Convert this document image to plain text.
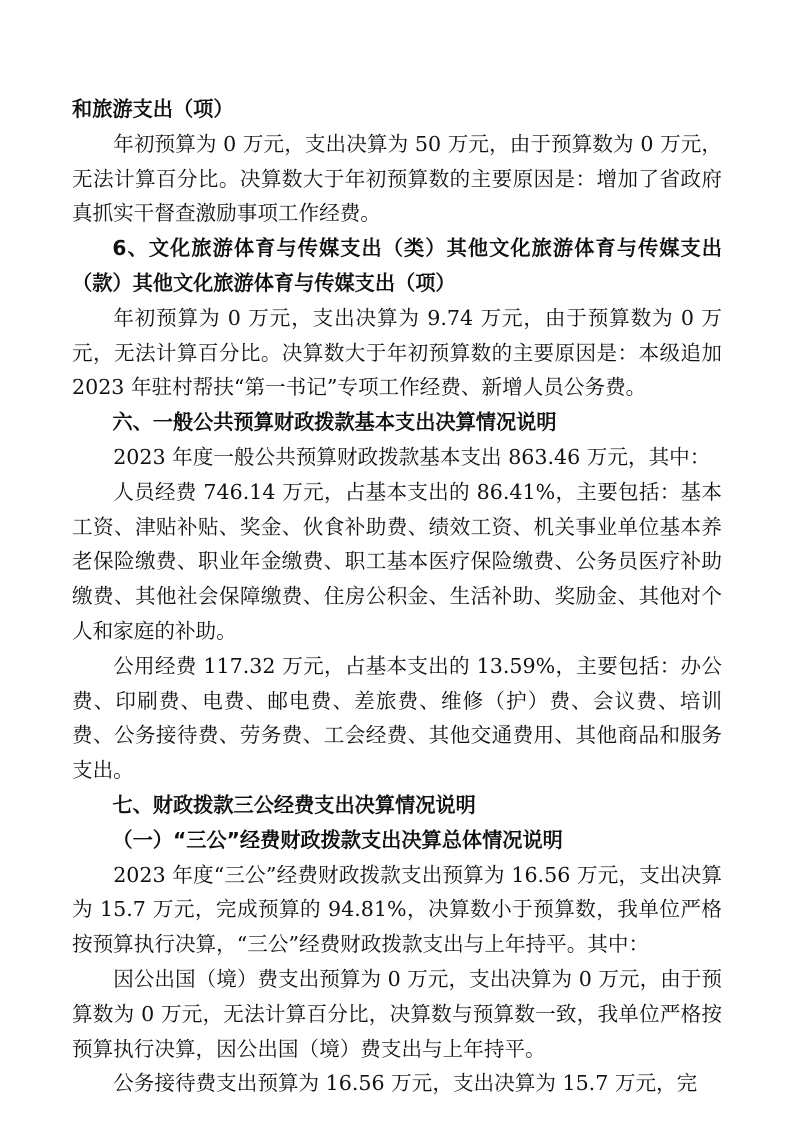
和旅游支出（项）

年初预算为 0 万元，支出决算为 50 万元，由于预算数为 0 万元，无法计算百分比。决算数大于年初预算数的主要原因是：增加了省政府真抓实干督查激励事项工作经费。

6、文化旅游体育与传媒支出（类）其他文化旅游体育与传媒支出（款）其他文化旅游体育与传媒支出（项）

年初预算为 0 万元，支出决算为 9.74 万元，由于预算数为 0 万元，无法计算百分比。决算数大于年初预算数的主要原因是：本级追加 2023 年驻村帮扶“第一书记”专项工作经费、新增人员公务费。

六、一般公共预算财政拨款基本支出决算情况说明

2023 年度一般公共预算财政拨款基本支出 863.46 万元，其中：

人员经费 746.14 万元，占基本支出的 86.41%，主要包括：基本工资、津贴补贴、奖金、伙食补助费、绩效工资、机关事业单位基本养老保险缴费、职业年金缴费、职工基本医疗保险缴费、公务员医疗补助缴费、其他社会保障缴费、住房公积金、生活补助、奖励金、其他对个人和家庭的补助。

公用经费 117.32 万元，占基本支出的 13.59%，主要包括：办公费、印刷费、电费、邮电费、差旅费、维修（护）费、会议费、培训费、公务接待费、劳务费、工会经费、其他交通费用、其他商品和服务支出。

七、财政拨款三公经费支出决算情况说明

（一）“三公”经费财政拨款支出决算总体情况说明

2023 年度“三公”经费财政拨款支出预算为 16.56 万元，支出决算为 15.7 万元，完成预算的 94.81%，决算数小于预算数，我单位严格按预算执行决算，“三公”经费财政拨款支出与上年持平。其中：

因公出国（境）费支出预算为 0 万元，支出决算为 0 万元，由于预算数为 0 万元，无法计算百分比，决算数与预算数一致，我单位严格按预算执行决算，因公出国（境）费支出与上年持平。

公务接待费支出预算为 16.56 万元，支出决算为 15.7 万元，完
